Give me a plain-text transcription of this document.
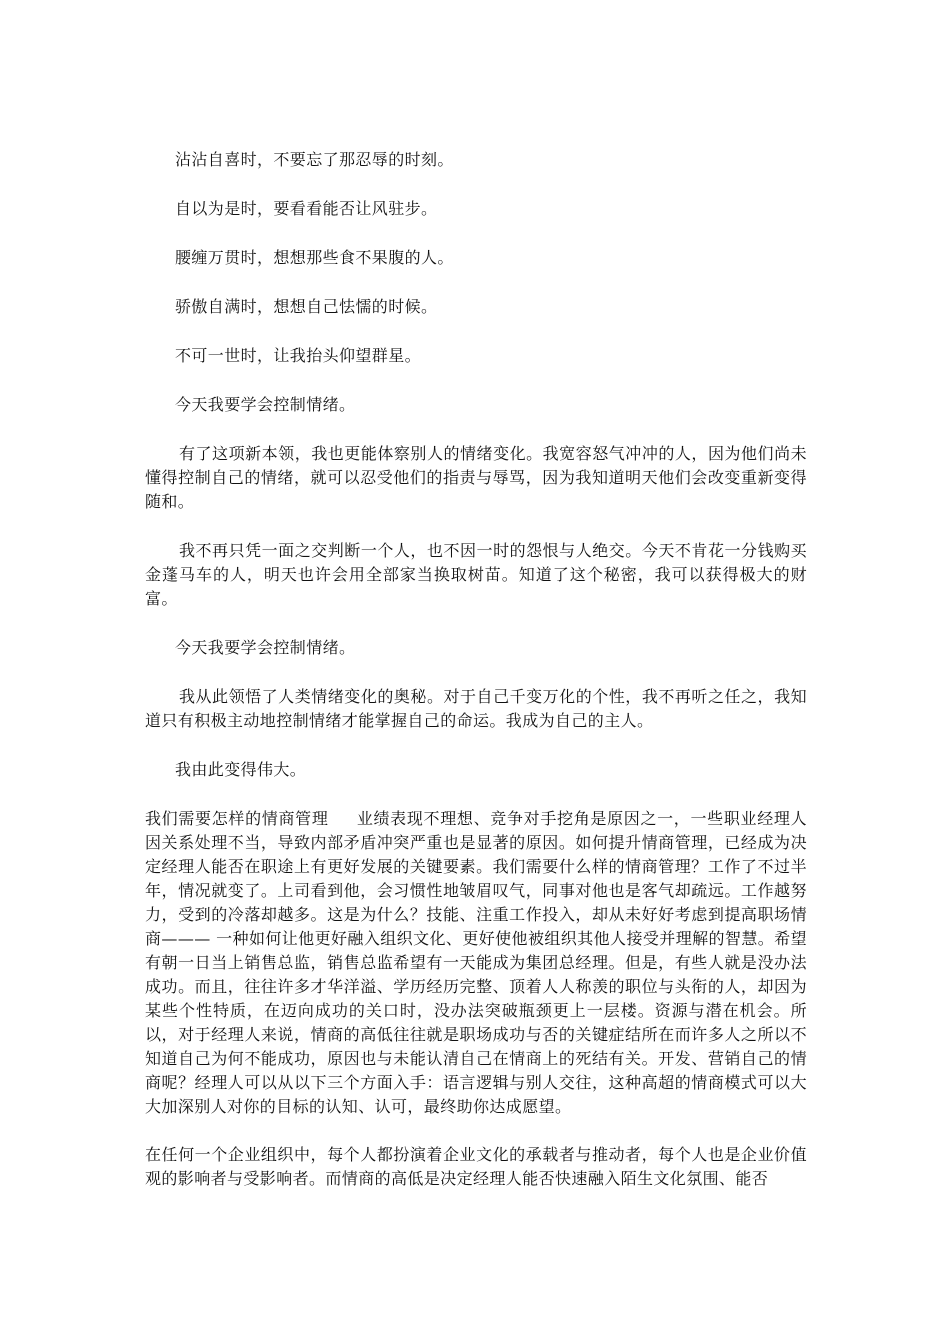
沾沾自喜时，不要忘了那忍辱的时刻。

自以为是时，要看看能否让风驻步。

腰缠万贯时，想想那些食不果腹的人。

骄傲自满时，想想自己怯懦的时候。

不可一世时，让我抬头仰望群星。

今天我要学会控制情绪。

有了这项新本领，我也更能体察别人的情绪变化。我宽容怒气冲冲的人，因为他们尚未懂得控制自己的情绪，就可以忍受他们的指责与辱骂，因为我知道明天他们会改变重新变得随和。

我不再只凭一面之交判断一个人，也不因一时的怨恨与人绝交。今天不肯花一分钱购买金蓬马车的人，明天也许会用全部家当换取树苗。知道了这个秘密，我可以获得极大的财富。

今天我要学会控制情绪。

我从此领悟了人类情绪变化的奥秘。对于自己千变万化的个性，我不再听之任之，我知道只有积极主动地控制情绪才能掌握自己的命运。我成为自己的主人。

我由此变得伟大。

我们需要怎样的情商管理 业绩表现不理想、竞争对手挖角是原因之一，一些职业经理人因关系处理不当，导致内部矛盾冲突严重也是显著的原因。如何提升情商管理，已经成为决定经理人能否在职途上有更好发展的关键要素。我们需要什么样的情商管理？工作了不过半年，情况就变了。上司看到他，会习惯性地皱眉叹气，同事对他也是客气却疏远。工作越努力，受到的冷落却越多。这是为什么？技能、注重工作投入，却从未好好考虑到提高职场情商——— 一种如何让他更好融入组织文化、更好使他被组织其他人接受并理解的智慧。希望有朝一日当上销售总监，销售总监希望有一天能成为集团总经理。但是，有些人就是没办法成功。而且，往往许多才华洋溢、学历经历完整、顶着人人称羡的职位与头衔的人，却因为某些个性特质，在迈向成功的关口时，没办法突破瓶颈更上一层楼。资源与潜在机会。所以，对于经理人来说，情商的高低往往就是职场成功与否的关键症结所在而许多人之所以不知道自己为何不能成功，原因也与未能认清自己在情商上的死结有关。开发、营销自己的情商呢？经理人可以从以下三个方面入手：语言逻辑与别人交往，这种高超的情商模式可以大大加深别人对你的目标的认知、认可，最终助你达成愿望。

在任何一个企业组织中，每个人都扮演着企业文化的承载者与推动者，每个人也是企业价值观的影响者与受影响者。而情商的高低是决定经理人能否快速融入陌生文化氛围、能否
